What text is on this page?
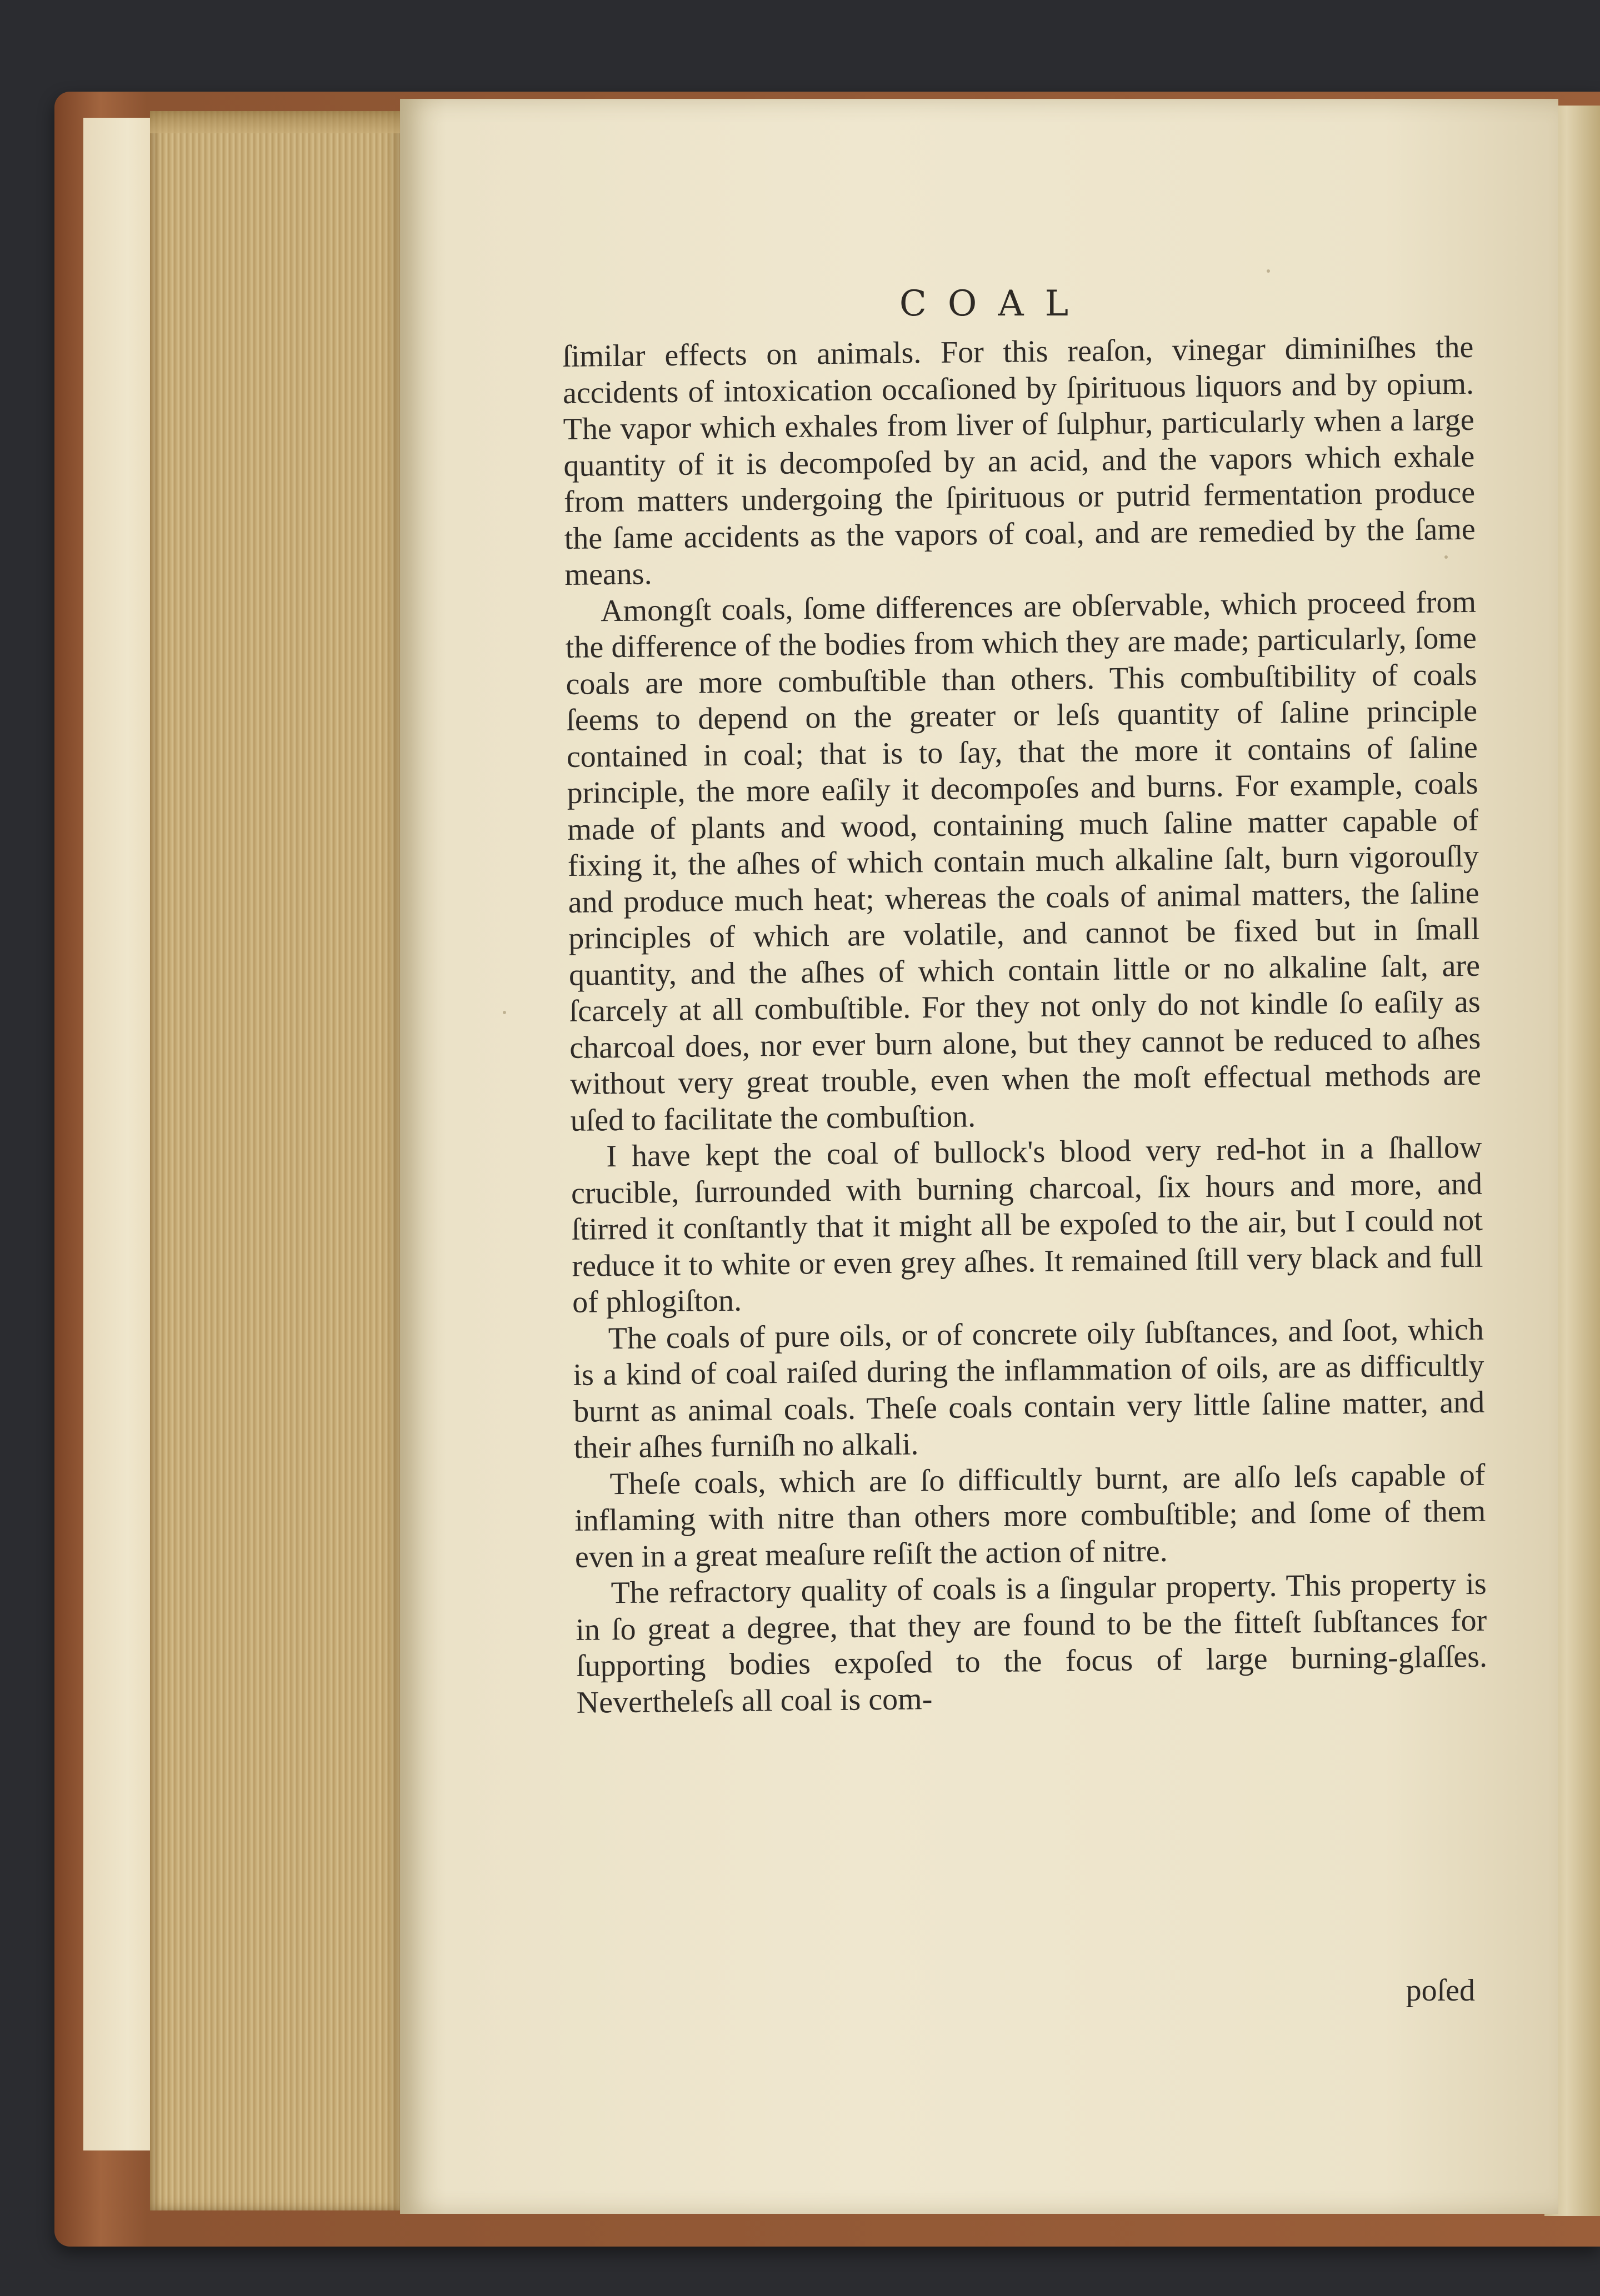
COAL

ſimilar effects on animals. For this reaſon, vinegar diminiſhes the accidents of intoxication occaſioned by ſpirituous liquors and by opium. The vapor which exhales from liver of ſulphur, particularly when a large quantity of it is decompoſed by an acid, and the vapors which exhale from matters undergoing the ſpirituous or putrid fermentation produce the ſame accidents as the vapors of coal, and are remedied by the ſame means.

Amongſt coals, ſome differences are obſervable, which proceed from the difference of the bodies from which they are made; particularly, ſome coals are more combuſtible than others. This combuſtibility of coals ſeems to depend on the greater or leſs quantity of ſaline principle contained in coal; that is to ſay, that the more it contains of ſaline principle, the more eaſily it decompoſes and burns. For example, coals made of plants and wood, containing much ſaline matter capable of fixing it, the aſhes of which contain much alkaline ſalt, burn vigorouſly and produce much heat; whereas the coals of animal matters, the ſaline principles of which are volatile, and cannot be fixed but in ſmall quantity, and the aſhes of which contain little or no alkaline ſalt, are ſcarcely at all combuſtible. For they not only do not kindle ſo eaſily as charcoal does, nor ever burn alone, but they cannot be reduced to aſhes without very great trouble, even when the moſt effectual methods are uſed to facilitate the combuſtion.

I have kept the coal of bullock's blood very red-hot in a ſhallow crucible, ſurrounded with burning charcoal, ſix hours and more, and ſtirred it conſtantly that it might all be expoſed to the air, but I could not reduce it to white or even grey aſhes. It remained ſtill very black and full of phlogiſton.

The coals of pure oils, or of concrete oily ſubſtances, and ſoot, which is a kind of coal raiſed during the inflammation of oils, are as difficultly burnt as animal coals. Theſe coals contain very little ſaline matter, and their aſhes furniſh no alkali.

Theſe coals, which are ſo difficultly burnt, are alſo leſs capable of inflaming with nitre than others more combuſtible; and ſome of them even in a great meaſure reſiſt the action of nitre.

The refractory quality of coals is a ſingular property. This property is in ſo great a degree, that they are found to be the fitteſt ſubſtances for ſupporting bodies expoſed to the focus of large burning-glaſſes. Nevertheleſs all coal is com-

poſed
